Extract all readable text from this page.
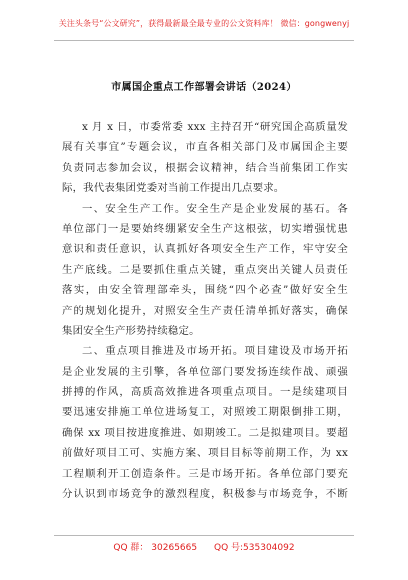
关注头条号“公文研究”，获得最新最全最专业的公文资料库！ 微信：gongwenyj
市属国企重点工作部署会讲话（2024）
x 月 x 日，市委常委 xxx 主持召开“研究国企高质量发
展有关事宜”专题会议，市直各相关部门及市属国企主要
负责同志参加会议，根据会议精神，结合当前集团工作实
际，我代表集团党委对当前工作提出几点要求。
一、安全生产工作。安全生产是企业发展的基石。各
单位部门一是要始终绷紧安全生产这根弦，切实增强忧患
意识和责任意识，认真抓好各项安全生产工作，牢守安全
生产底线。二是要抓住重点关键，重点突出关键人员责任
落实，由安全管理部牵头，围绕“四个必查”做好安全生
产的规划化提升，对照安全生产责任清单抓好落实，确保
集团安全生产形势持续稳定。
二、重点项目推进及市场开拓。项目建设及市场开拓
是企业发展的主引擎，各单位部门要发扬连续作战、顽强
拼搏的作风，高质高效推进各项重点项目。一是续建项目
要迅速安排施工单位进场复工，对照竣工期限倒排工期，
确保 xx 项目按进度推进、如期竣工。二是拟建项目。要超
前做好项目工可、实施方案、项目目标等前期工作，为 xx
工程顺利开工创造条件。三是市场开拓。各单位部门要充
分认识到市场竞争的激烈程度，积极参与市场竞争，不断
QQ 群： 30265665 QQ 号:535304092
